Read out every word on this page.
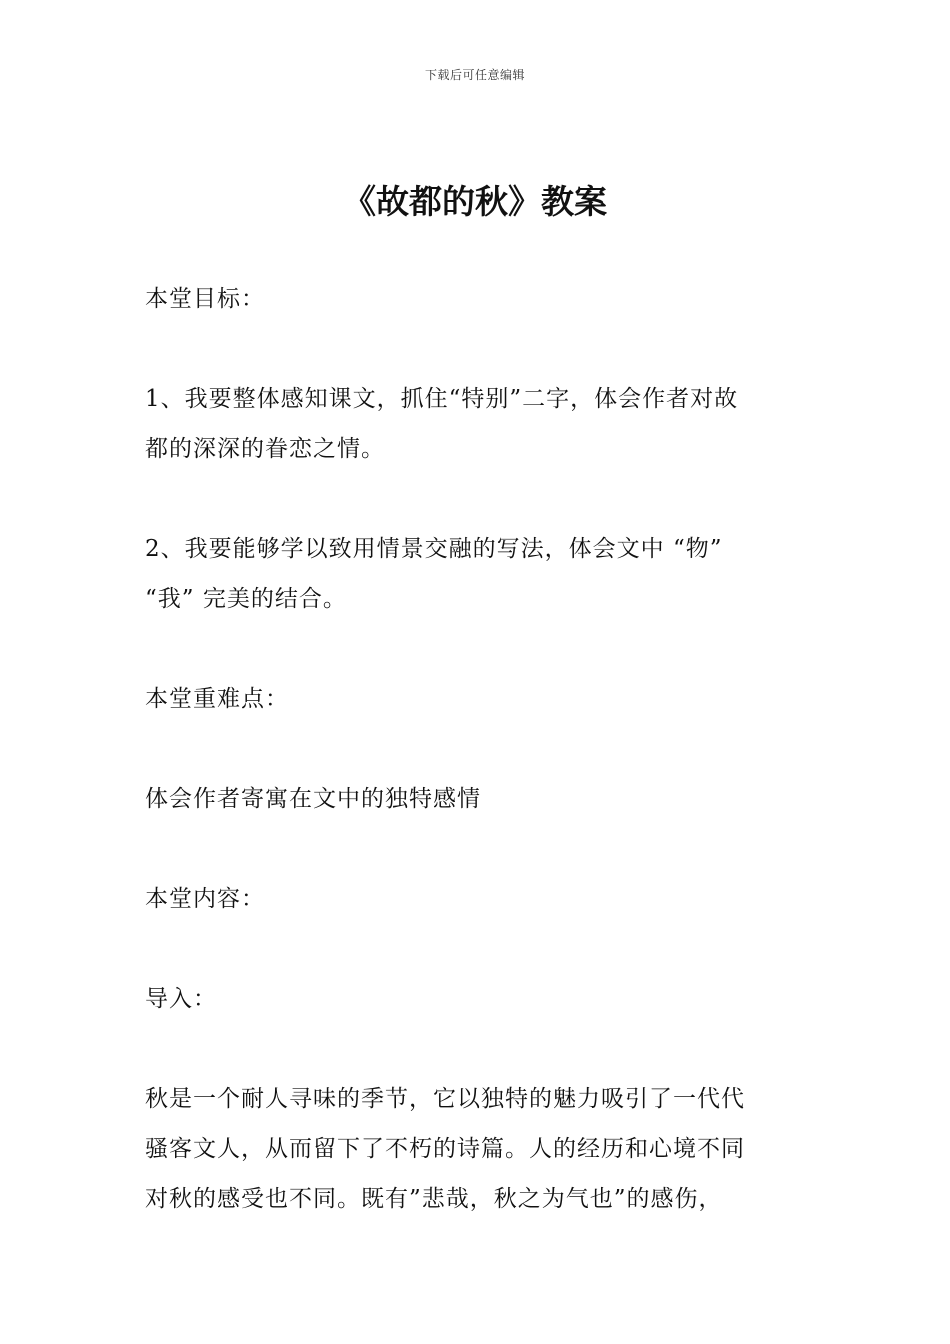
下载后可任意编辑
《故都的秋》教案
本堂目标：
1、我要整体感知课文，抓住“特别”二字，体会作者对故
都的深深的眷恋之情。
2、我要能够学以致用情景交融的写法，体会文中 “物”
“我” 完美的结合。
本堂重难点：
体会作者寄寓在文中的独特感情
本堂内容：
导入：
秋是一个耐人寻味的季节，它以独特的魅力吸引了一代代
骚客文人，从而留下了不朽的诗篇。人的经历和心境不同
对秋的感受也不同。既有”悲哉，秋之为气也”的感伤，
